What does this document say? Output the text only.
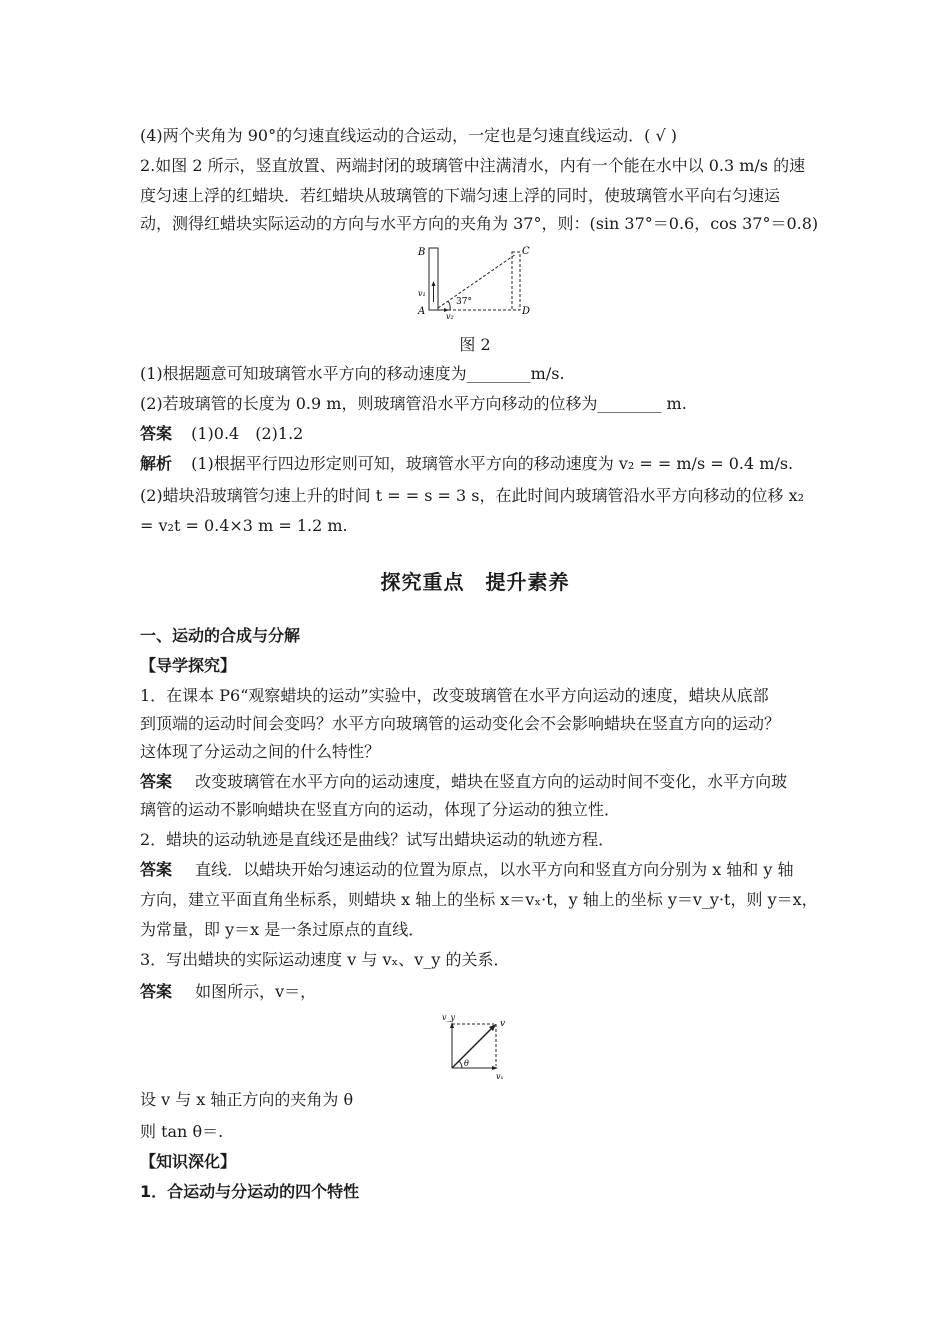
(4)两个夹角为 90°的匀速直线运动的合运动，一定也是匀速直线运动．( √ )
2.如图 2 所示，竖直放置、两端封闭的玻璃管中注满清水，内有一个能在水中以 0.3 m/s 的速
度匀速上浮的红蜡块．若红蜡块从玻璃管的下端匀速上浮的同时，使玻璃管水平向右匀速运
动，测得红蜡块实际运动的方向与水平方向的夹角为 37°，则：(sin 37°＝0.6，cos 37°＝0.8)
B	C
A	D
v₁
v₂
37°
图 2
(1)根据题意可知玻璃管水平方向的移动速度为________m/s.
(2)若玻璃管的长度为 0.9 m，则玻璃管沿水平方向移动的位移为________ m.
答案 (1)0.4　(2)1.2
解析 (1)根据平行四边形定则可知，玻璃管水平方向的移动速度为 v₂ = = m/s = 0.4 m/s.
(2)蜡块沿玻璃管匀速上升的时间 t = = s = 3 s，在此时间内玻璃管沿水平方向移动的位移 x₂
= v₂t = 0.4×3 m = 1.2 m.
探究重点　提升素养
一、运动的合成与分解
【导学探究】
1．在课本 P6“观察蜡块的运动”实验中，改变玻璃管在水平方向运动的速度，蜡块从底部
到顶端的运动时间会变吗？水平方向玻璃管的运动变化会不会影响蜡块在竖直方向的运动？
这体现了分运动之间的什么特性？
答案 改变玻璃管在水平方向的运动速度，蜡块在竖直方向的运动时间不变化，水平方向玻
璃管的运动不影响蜡块在竖直方向的运动，体现了分运动的独立性．
2．蜡块的运动轨迹是直线还是曲线？试写出蜡块运动的轨迹方程．
答案 直线．以蜡块开始匀速运动的位置为原点，以水平方向和竖直方向分别为 x 轴和 y 轴
方向，建立平面直角坐标系，则蜡块 x 轴上的坐标 x＝vₓ·t，y 轴上的坐标 y＝v_y·t，则 y＝x，
为常量，即 y＝x 是一条过原点的直线．
3．写出蜡块的实际运动速度 v 与 vₓ、v_y 的关系．
答案 如图所示，v＝，
v_y
v
vₓ
θ
设 v 与 x 轴正方向的夹角为 θ
则 tan θ＝.
【知识深化】
1．合运动与分运动的四个特性
